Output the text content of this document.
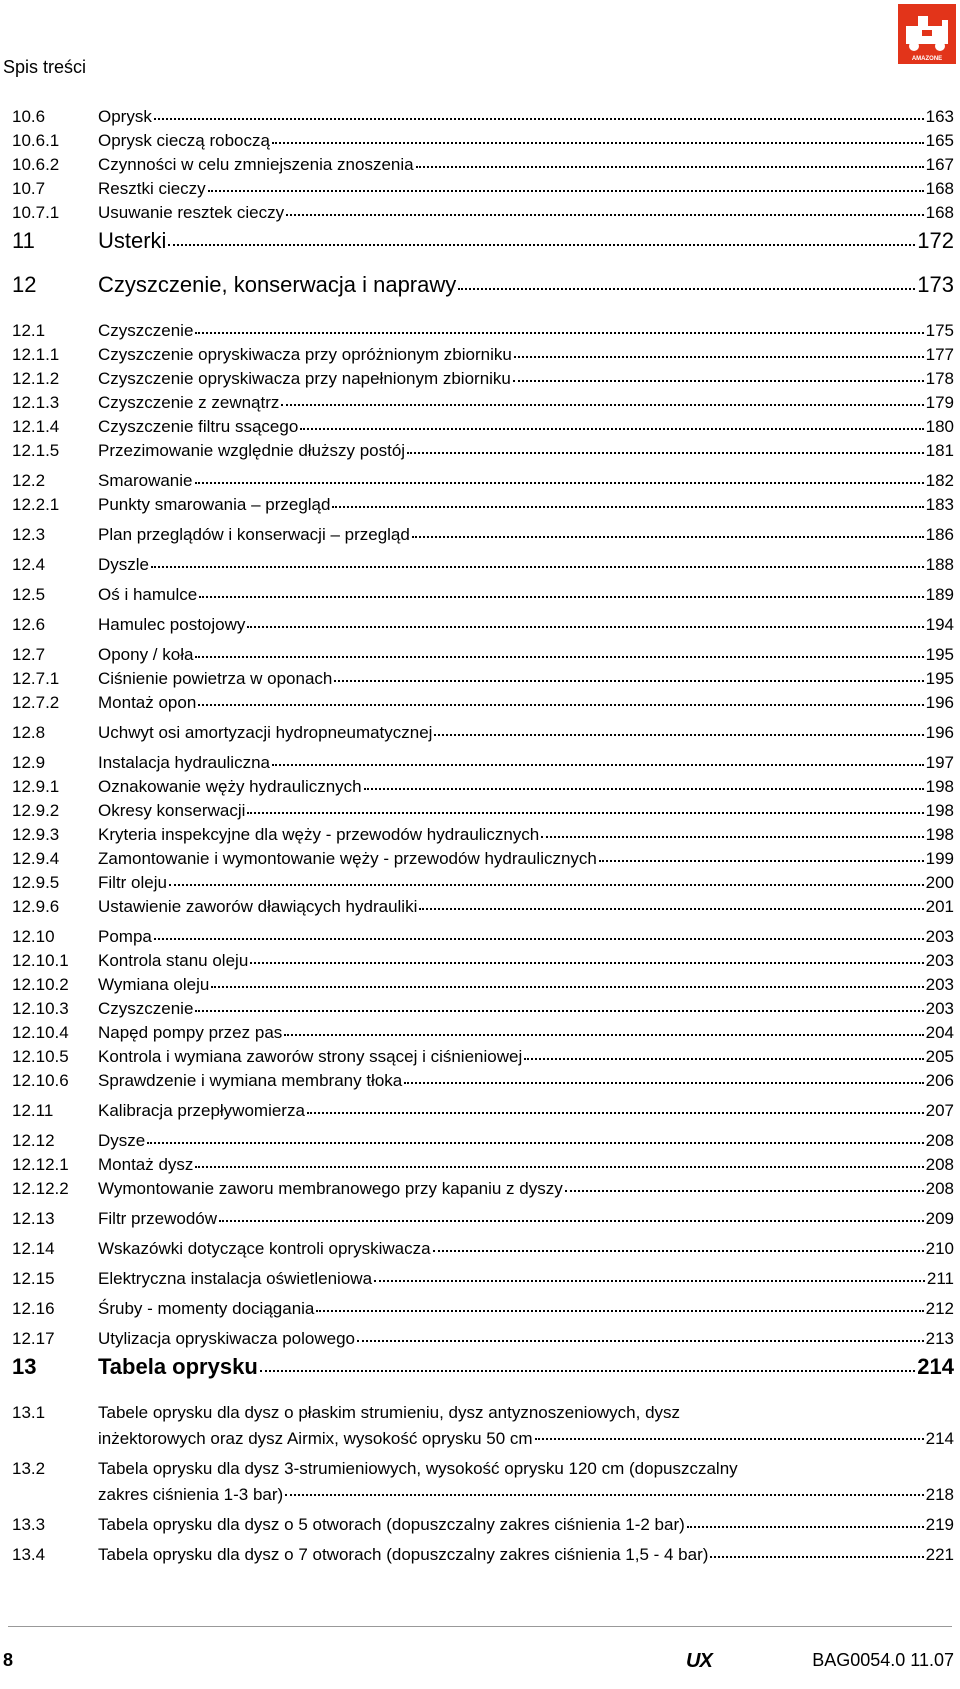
Spis treści	AMAZONE
10.6	Oprysk	163
10.6.1 Oprysk cieczą roboczą	165
10.6.2 Czynności w celu zmniejszenia znoszenia	167
10.7	Resztki cieczy	168
10.7.1 Usuwanie resztek cieczy	168
11	Usterki	172
12	Czyszczenie, konserwacja i naprawy	173
12.1	Czyszczenie	175
12.1.1 Czyszczenie opryskiwacza przy opróżnionym zbiorniku	177
12.1.2 Czyszczenie opryskiwacza przy napełnionym zbiorniku	178
12.1.3 Czyszczenie z zewnątrz	179
12.1.4 Czyszczenie filtru ssącego	180
12.1.5 Przezimowanie względnie dłuższy postój	181
12.2	Smarowanie	182
12.2.1 Punkty smarowania – przegląd	183
12.3	Plan przeglądów i konserwacji – przegląd	186
12.4	Dyszle	188
12.5	Oś i hamulce	189
12.6	Hamulec postojowy	194
12.7	Opony / koła	195
12.7.1 Ciśnienie powietrza w oponach	195
12.7.2 Montaż opon	196
12.8	Uchwyt osi amortyzacji hydropneumatycznej	196
12.9	Instalacja hydrauliczna	197
12.9.1 Oznakowanie węży hydraulicznych	198
12.9.2 Okresy konserwacji	198
12.9.3 Kryteria inspekcyjne dla węży - przewodów hydraulicznych	198
12.9.4 Zamontowanie i wymontowanie węży - przewodów hydraulicznych	199
12.9.5 Filtr oleju	200
12.9.6 Ustawienie zaworów dławiących hydrauliki	201
12.10	Pompa	203
12.10.1 Kontrola stanu oleju	203
12.10.2 Wymiana oleju	203
12.10.3 Czyszczenie	203
12.10.4 Napęd pompy przez pas	204
12.10.5 Kontrola i wymiana zaworów strony ssącej i ciśnieniowej	205
12.10.6 Sprawdzenie i wymiana membrany tłoka	206
12.11	Kalibracja przepływomierza	207
12.12	Dysze	208
12.12.1 Montaż dysz	208
12.12.2 Wymontowanie zaworu membranowego przy kapaniu z dyszy	208
12.13	Filtr przewodów	209
12.14	Wskazówki dotyczące kontroli opryskiwacza	210
12.15	Elektryczna instalacja oświetleniowa	211
12.16	Śruby - momenty dociągania	212
12.17	Utylizacja opryskiwacza polowego	213
13	Tabela oprysku	214
13.1	Tabele oprysku dla dysz o płaskim strumieniu, dysz antyznoszeniowych, dysz
inżektorowych oraz dysz Airmix, wysokość oprysku 50 cm	214
13.2	Tabela oprysku dla dysz 3-strumieniowych, wysokość oprysku 120 cm (dopuszczalny
zakres ciśnienia 1-3 bar)	218
13.3	Tabela oprysku dla dysz o 5 otworach (dopuszczalny zakres ciśnienia 1-2 bar)	219
13.4	Tabela oprysku dla dysz o 7 otworach (dopuszczalny zakres ciśnienia 1,5 - 4 bar)	221
8	UX	BAG0054.0 11.07
